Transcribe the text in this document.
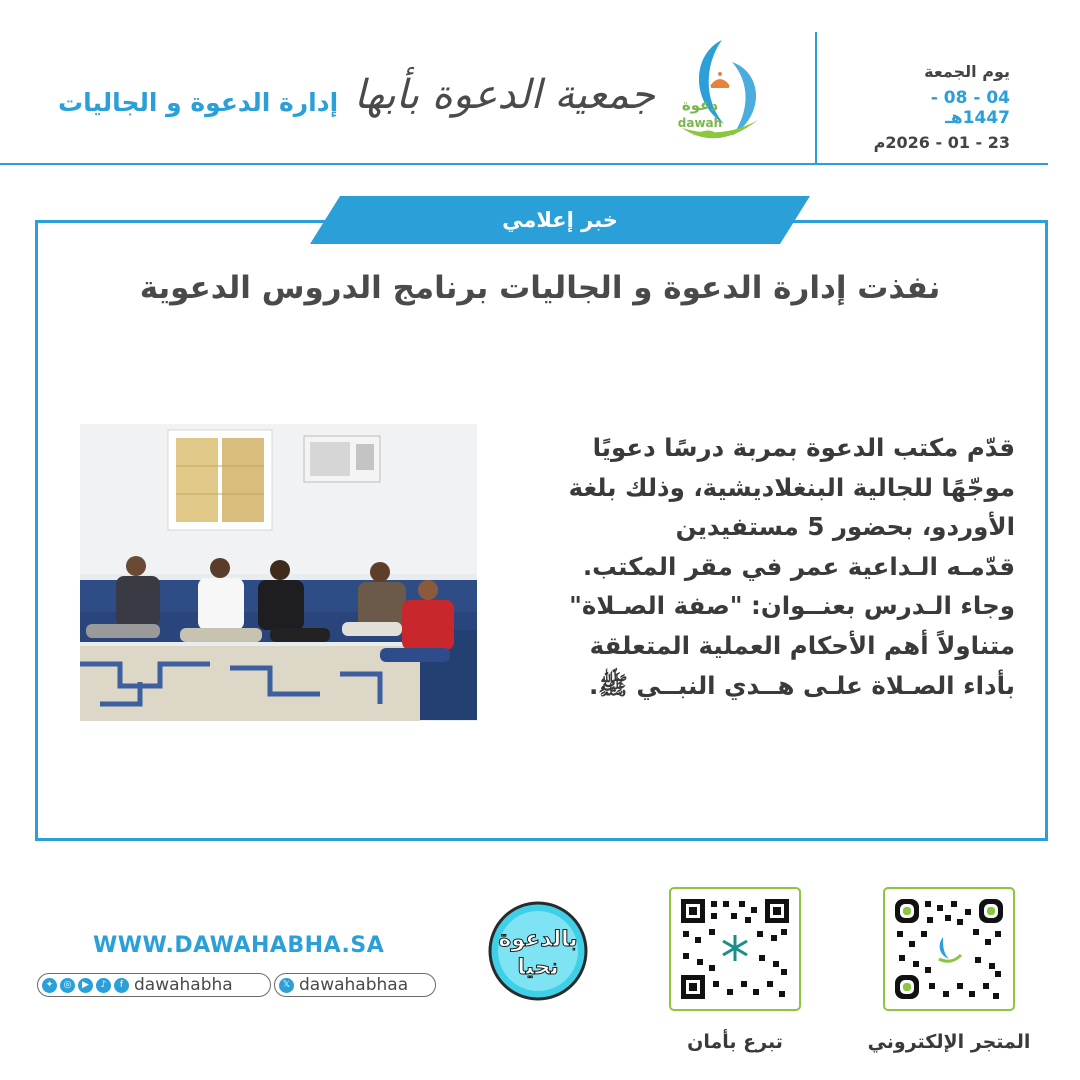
يوم الجمعة
04 - 08 - 1447هـ
23 - 01 - 2026م
جمعية الدعوة بأبها	دعوة
dawah
إدارة الدعوة و الجاليات
خبر إعلامي
نفذت إدارة الدعوة و الجاليات برنامج الدروس الدعوية
قدّم مكتب الدعوة بمربة درسًا دعويًا
موجّهًا للجالية البنغلاديشية، وذلك بلغة
الأوردو، بحضور 5 مستفيدين
قدّمـه الـداعية عمر في مقر المكتب.
وجاء الـدرس بعنــوان: "صفة الصـلاة"
متناولاً أهم الأحكام العملية المتعلقة
بأداء الصـلاة علـى هــدي النبــي ﷺ.
WWW.DAWAHABHA.SA
✦	◎	▶	♪	f dawahabha	𝕏 dawahabhaa
بالدعوة
نحيا
تبرع بأمان	المتجر الإلكتروني
